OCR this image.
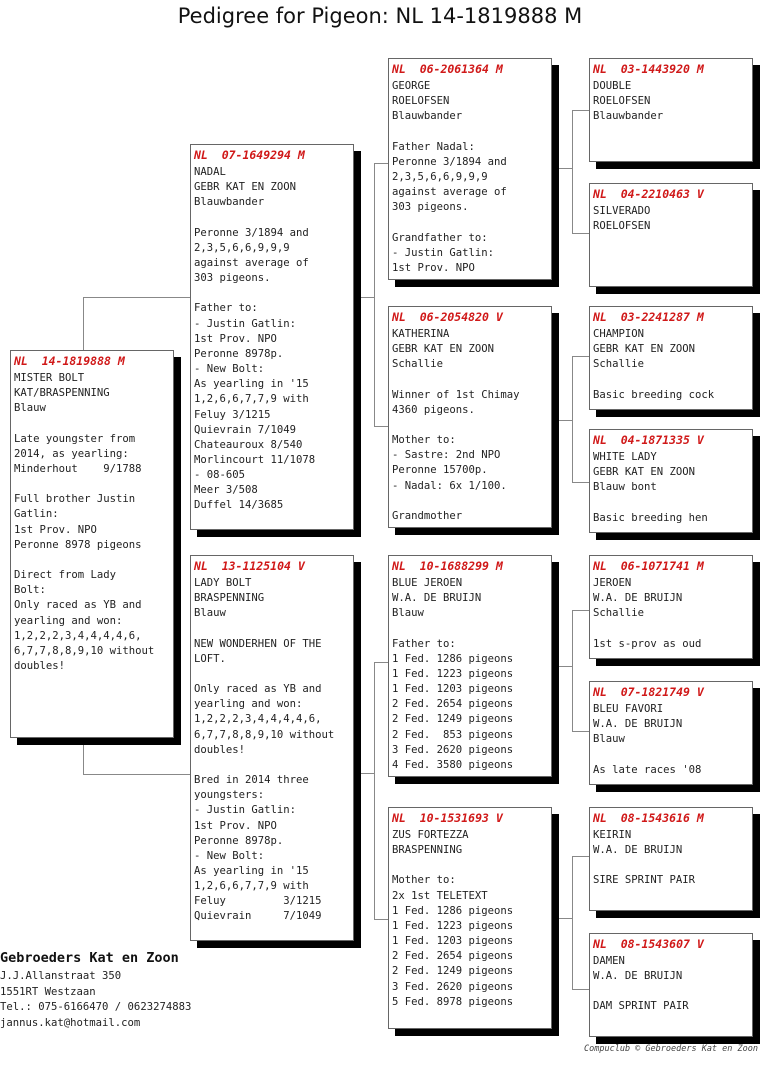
Pedigree for Pigeon: NL 14-1819888 M
NL  14-1819888 M
MISTER BOLT
KAT/BRASPENNING
Blauw

Late youngster from
2014, as yearling:
Minderhout    9/1788

Full brother Justin
Gatlin:
1st Prov. NPO
Peronne 8978 pigeons

Direct from Lady
Bolt:
Only raced as YB and
yearling and won:
1,2,2,2,3,4,4,4,4,6,
6,7,7,8,8,9,10 without
doubles!
NL  07-1649294 M
NADAL
GEBR KAT EN ZOON
Blauwbander

Peronne 3/1894 and
2,3,5,6,6,9,9,9
against average of
303 pigeons.

Father to:
- Justin Gatlin:
1st Prov. NPO
Peronne 8978p.
- New Bolt:
As yearling in '15
1,2,6,6,7,7,9 with
Feluy 3/1215
Quievrain 7/1049
Chateauroux 8/540
Morlincourt 11/1078
- 08-605
Meer 3/508
Duffel 14/3685
NL  13-1125104 V
LADY BOLT
BRASPENNING
Blauw

NEW WONDERHEN OF THE
LOFT.

Only raced as YB and
yearling and won:
1,2,2,2,3,4,4,4,4,6,
6,7,7,8,8,9,10 without
doubles!

Bred in 2014 three
youngsters:
- Justin Gatlin:
1st Prov. NPO
Peronne 8978p.
- New Bolt:
As yearling in '15
1,2,6,6,7,7,9 with
Feluy         3/1215
Quievrain     7/1049
NL  06-2061364 M
GEORGE
ROELOFSEN
Blauwbander

Father Nadal:
Peronne 3/1894 and
2,3,5,6,6,9,9,9
against average of
303 pigeons.

Grandfather to:
- Justin Gatlin:
1st Prov. NPO
NL  06-2054820 V
KATHERINA
GEBR KAT EN ZOON
Schallie

Winner of 1st Chimay
4360 pigeons.

Mother to:
- Sastre: 2nd NPO
Peronne 15700p.
- Nadal: 6x 1/100.

Grandmother
NL  10-1688299 M
BLUE JEROEN
W.A. DE BRUIJN
Blauw

Father to:
1 Fed. 1286 pigeons
1 Fed. 1223 pigeons
1 Fed. 1203 pigeons
2 Fed. 2654 pigeons
2 Fed. 1249 pigeons
2 Fed.  853 pigeons
3 Fed. 2620 pigeons
4 Fed. 3580 pigeons
NL  10-1531693 V
ZUS FORTEZZA
BRASPENNING

Mother to:
2x 1st TELETEXT
1 Fed. 1286 pigeons
1 Fed. 1223 pigeons
1 Fed. 1203 pigeons
2 Fed. 2654 pigeons
2 Fed. 1249 pigeons
3 Fed. 2620 pigeons
5 Fed. 8978 pigeons
NL  03-1443920 M
DOUBLE
ROELOFSEN
Blauwbander
NL  04-2210463 V
SILVERADO
ROELOFSEN
NL  03-2241287 M
CHAMPION
GEBR KAT EN ZOON
Schallie

Basic breeding cock
NL  04-1871335 V
WHITE LADY
GEBR KAT EN ZOON
Blauw bont

Basic breeding hen
NL  06-1071741 M
JEROEN
W.A. DE BRUIJN
Schallie

1st s-prov as oud
NL  07-1821749 V
BLEU FAVORI
W.A. DE BRUIJN
Blauw

As late races '08
NL  08-1543616 M
KEIRIN
W.A. DE BRUIJN

SIRE SPRINT PAIR
NL  08-1543607 V
DAMEN
W.A. DE BRUIJN

DAM SPRINT PAIR
Gebroeders Kat en Zoon
J.J.Allanstraat 350
1551RT Westzaan
Tel.: 075-6166470 / 0623274883
jannus.kat@hotmail.com
Compuclub © Gebroeders Kat en Zoon
